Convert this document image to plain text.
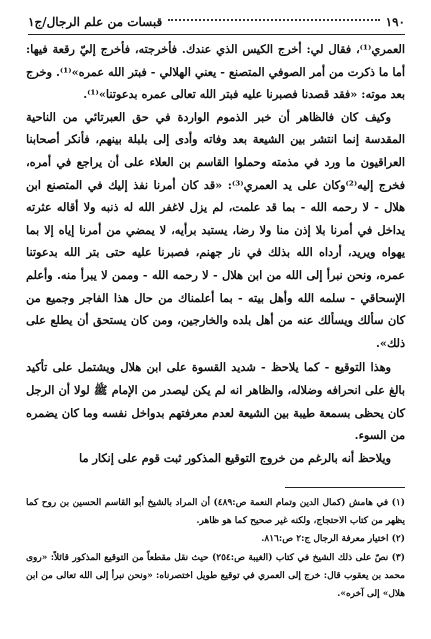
١٩٠
قبسات من علم الرجال/ج١

العمري⁽¹⁾، فقال لي: أخرج الكيس الذي عندك. فأخرجته، فأخرج إليّ رقعة فيها: أما ما ذكرت من أمر الصوفي المتصنع - يعني الهلالي - فبتر الله عمره»⁽¹⁾. وخرج بعد موته: «فقد قصدنا فصبرنا عليه فبتر الله تعالى عمره بدعوتنا»⁽¹⁾.

وكيف كان فالظاهر أن خبر الذموم الواردة في حق العبرتائي من الناحية المقدسة إنما انتشر بين الشيعة بعد وفاته وأدى إلى بلبلة بينهم، فأنكر أصحابنا العراقيون ما ورد في مذمته وحملوا القاسم بن العلاء على أن يراجع في أمره، فخرج إليه⁽²⁾وكان على يد العمري⁽³⁾: «قد كان أمرنا نفذ إليك في المتصنع ابن هلال - لا رحمه الله - بما قد علمت، لم يزل لاغفر الله له ذنبه ولا أقاله عثرته يداخل في أمرنا بلا إذن منا ولا رضا، يستبد برأيه، لا يمضي من أمرنا إياه إلا بما يهواه ويريد، أرداه الله بذلك في نار جهنم، فصبرنا عليه حتى بتر الله بدعوتنا عمره، ونحن نبرأ إلى الله من ابن هلال - لا رحمه الله - وممن لا يبرأ منه. وأعلم الإسحاقي - سلمه الله وأهل بيته - بما أعلمناك من حال هذا الفاجر وجميع من كان سألك ويسألك عنه من أهل بلده والخارجين، ومن كان يستحق أن يطلع على ذلك».

وهذا التوقيع - كما يلاحظ - شديد القسوة على ابن هلال ويشتمل على تأكيد بالغ على انحرافه وضلاله، والظاهر انه لم يكن ليصدر من الإمام ﷺ لولا أن الرجل كان يحظى بسمعة طيبة بين الشيعة لعدم معرفتهم بدواخل نفسه وما كان يضمره من السوء.

ويلاحظ أنه بالرغم من خروج التوقيع المذكور ثبت قوم على إنكار ما

(١) في هامش (كمال الدين وتمام النعمة ص:٤٨٩) أن المراد بالشيخ أبو القاسم الحسين بن روح كما يظهر من كتاب الاحتجاج، ولكنه غير صحيح كما هو ظاهر.

(٢) اختيار معرفة الرجال ج:٢ ص:٨١٦.

(٣) نصّ على ذلك الشيخ في كتاب (الغيبة ص:٢٥٤) حيث نقل مقطعاً من التوقيع المذكور قائلاً: «روى محمد بن يعقوب قال: خرج إلى العمري في توقيع طويل اختصرناه: «ونحن نبرأ إلى الله تعالى من ابن هلال» إلى آخره».
